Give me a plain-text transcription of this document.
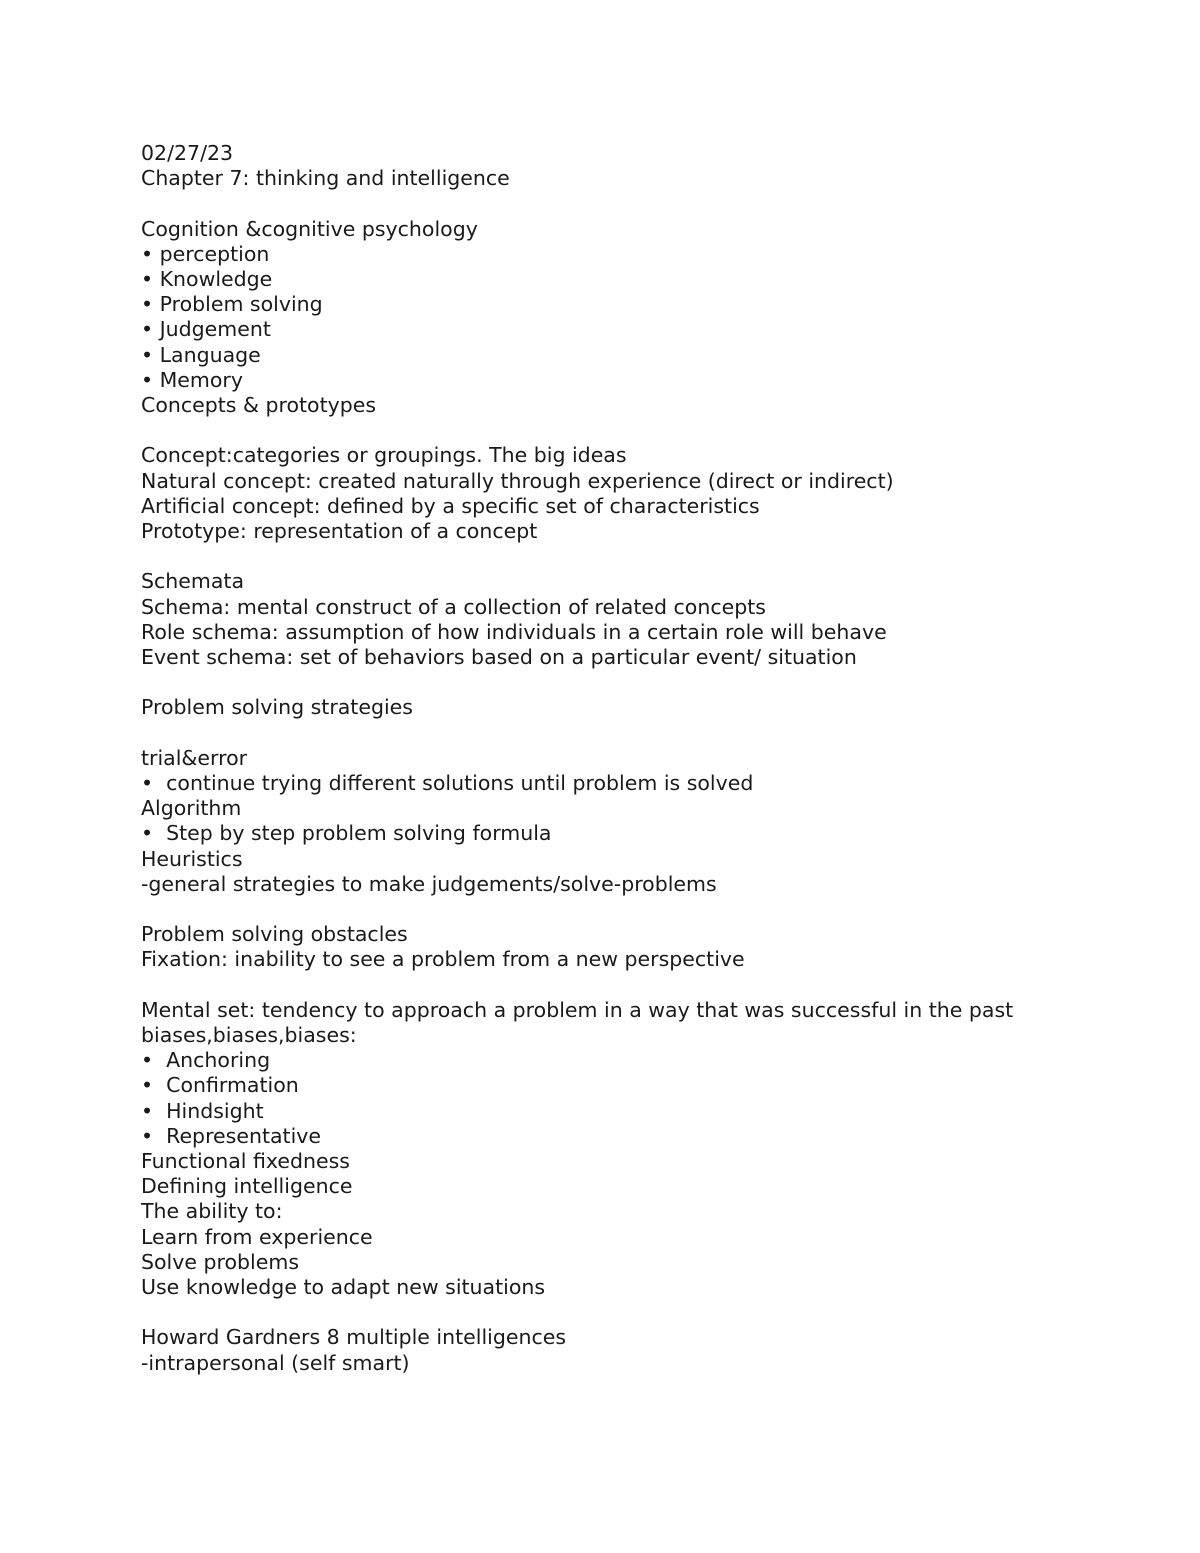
02/27/23
Chapter 7: thinking and intelligence
Cognition &cognitive psychology
• perception
• Knowledge
• Problem solving
• Judgement
• Language
• Memory
Concepts & prototypes
Concept:categories or groupings. The big ideas
Natural concept: created naturally through experience (direct or indirect)
Artificial concept: defined by a specific set of characteristics
Prototype: representation of a concept
Schemata
Schema: mental construct of a collection of related concepts
Role schema: assumption of how individuals in a certain role will behave
Event schema: set of behaviors based on a particular event/ situation
Problem solving strategies
trial&error
•  continue trying different solutions until problem is solved
Algorithm
•  Step by step problem solving formula
Heuristics
-general strategies to make judgements/solve-problems
Problem solving obstacles
Fixation: inability to see a problem from a new perspective
Mental set: tendency to approach a problem in a way that was successful in the past
biases,biases,biases:
•  Anchoring
•  Confirmation
•  Hindsight
•  Representative
Functional fixedness
Defining intelligence
The ability to:
Learn from experience
Solve problems
Use knowledge to adapt new situations
Howard Gardners 8 multiple intelligences
-intrapersonal (self smart)
